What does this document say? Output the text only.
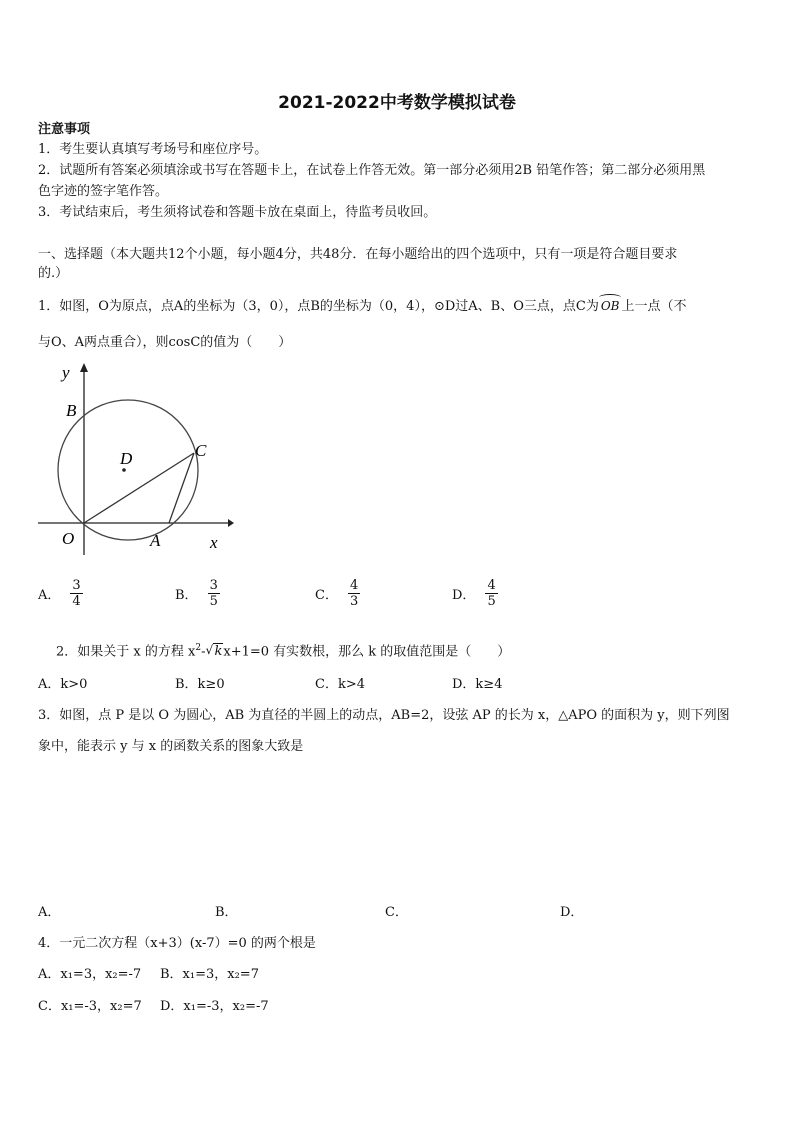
2021-2022中考数学模拟试卷
注意事项
1．考生要认真填写考场号和座位序号。
2．试题所有答案必须填涂或书写在答题卡上，在试卷上作答无效。第一部分必须用2B 铅笔作答；第二部分必须用黑
色字迹的签字笔作答。
3．考试结束后，考生须将试卷和答题卡放在桌面上，待监考员收回。
一、选择题（本大题共12个小题，每小题4分，共48分．在每小题给出的四个选项中，只有一项是符合题目要求
的.）
1．如图，O为原点，点A的坐标为（3，0），点B的坐标为（0，4），⊙D过A、B、O三点，点C为 OB 上一点（不
与O、A两点重合），则cosC的值为（　　）
y
x
B
D	C
O	A
A． $\frac{3}{4}$	B． $\frac{3}{5}$	C． $\frac{4}{3}$	D． $\frac{4}{5}$
2．如果关于 x 的方程 $x^2-$ √ kx+1=0 有实数根，那么 k 的取值范围是（　　）
A．k>0	B．k≥0	C．k>4	D．k≥4
3．如图，点 P 是以 O 为圆心，AB 为直径的半圆上的动点，AB=2，设弦 AP 的长为 x，△APO 的面积为 y，则下列图
象中，能表示 y 与 x 的函数关系的图象大致是
A．	B．	C．	D．
4．一元二次方程（x+3）(x-7）=0 的两个根是
A．x₁=3，x₂=-7 B．x₁=3，x₂=7
C．x₁=-3，x₂=7 D．x₁=-3，x₂=-7
